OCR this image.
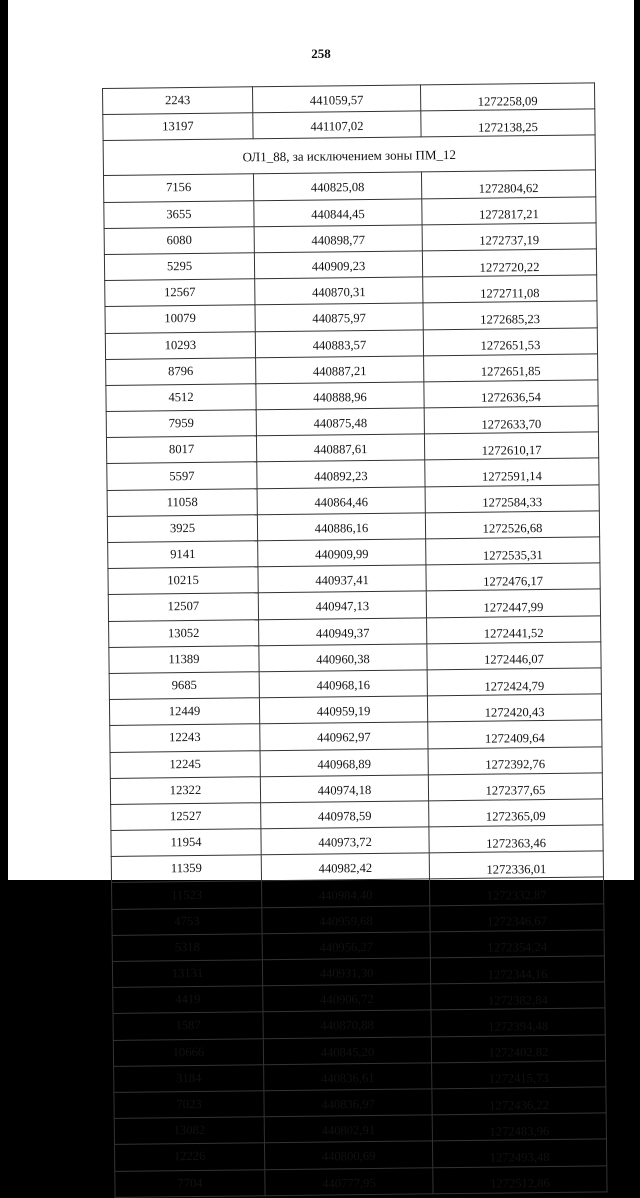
258
2243	441059,57	1272258,09
13197	441107,02	1272138,25
ОЛ1_88, за исключением зоны ПМ_12		
7156	440825,08	1272804,62
3655	440844,45	1272817,21
6080	440898,77	1272737,19
5295	440909,23	1272720,22
12567	440870,31	1272711,08
10079	440875,97	1272685,23
10293	440883,57	1272651,53
8796	440887,21	1272651,85
4512	440888,96	1272636,54
7959	440875,48	1272633,70
8017	440887,61	1272610,17
5597	440892,23	1272591,14
11058	440864,46	1272584,33
3925	440886,16	1272526,68
9141	440909,99	1272535,31
10215	440937,41	1272476,17
12507	440947,13	1272447,99
13052	440949,37	1272441,52
11389	440960,38	1272446,07
9685	440968,16	1272424,79
12449	440959,19	1272420,43
12243	440962,97	1272409,64
12245	440968,89	1272392,76
12322	440974,18	1272377,65
12527	440978,59	1272365,09
11954	440973,72	1272363,46
11359	440982,42	1272336,01
11523	440984,40	1272332,87
4753	440959,68	1272346,67
5318	440956,27	1272354,24
13131	440931,30	1272344,16
4419	440906,72	1272382,84
1587	440870,88	1272394,48
10666	440845,20	1272402,82
3184	440836,61	1272415,73
7023	440836,97	1272436,22
13082	440802,91	1272483,96
12226	440800,69	1272493,48
7704	440777,95	1272512,86
